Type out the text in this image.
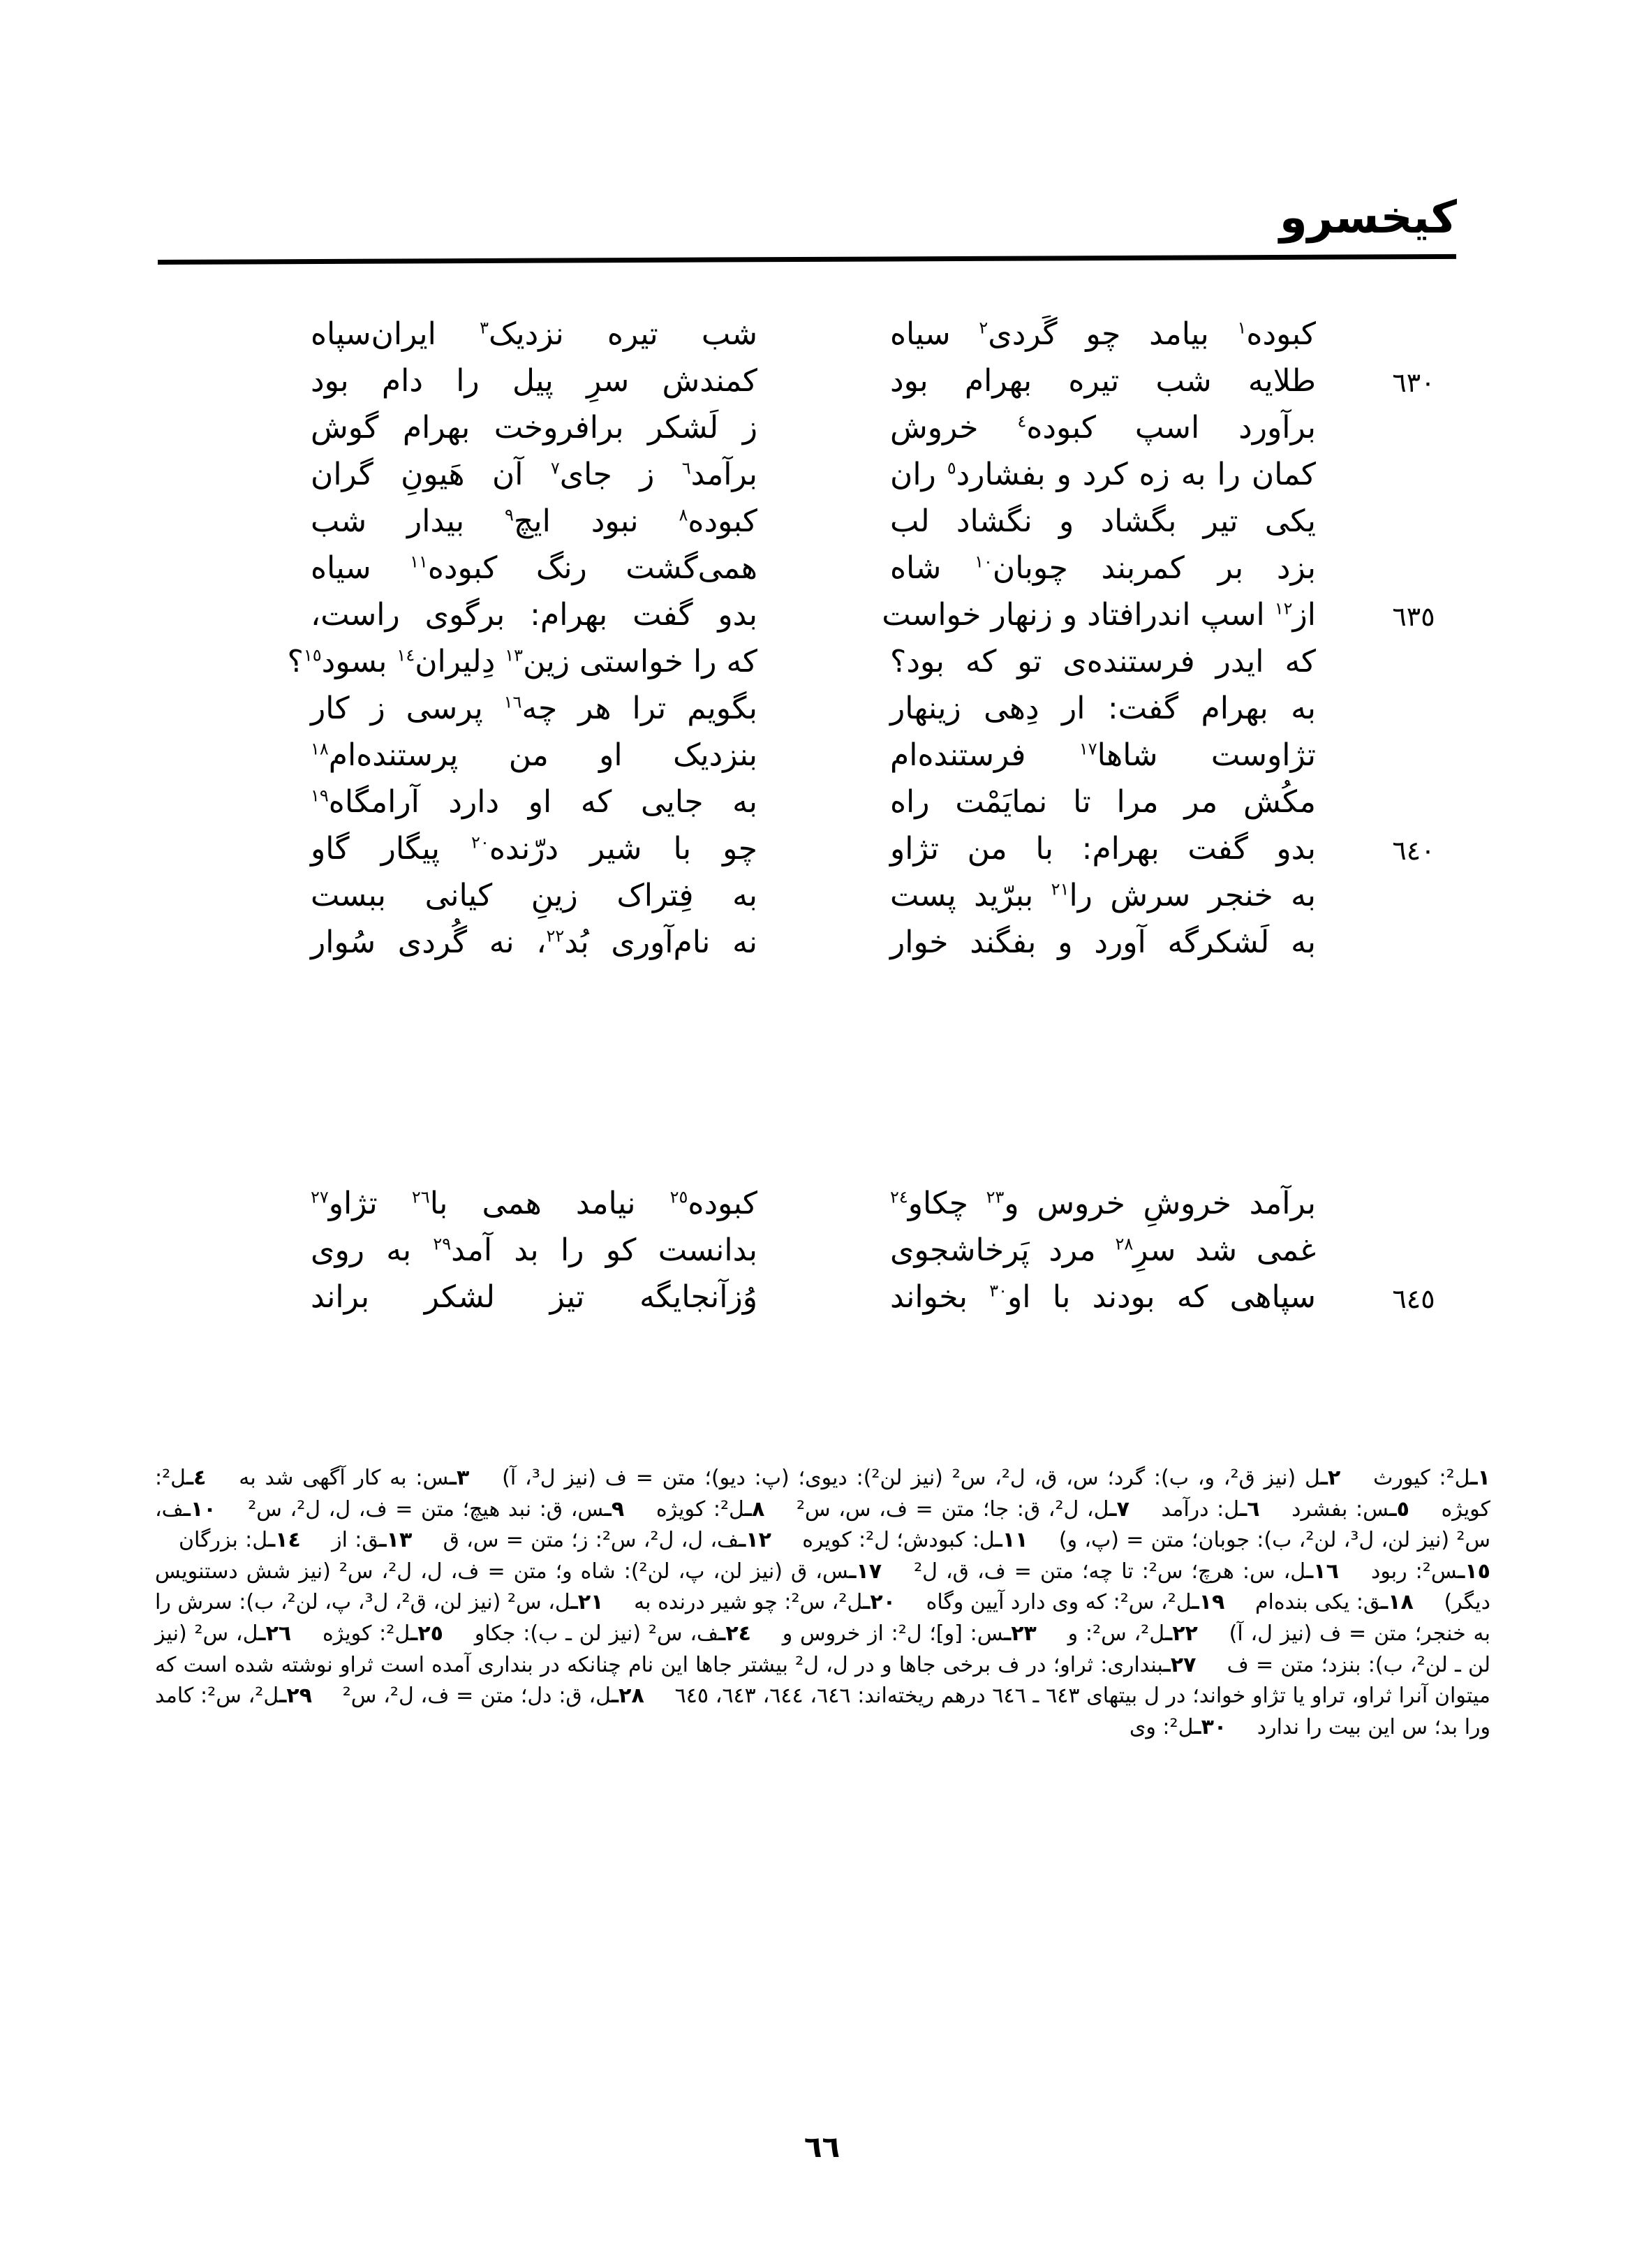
کیخسرو
کبوده$^١$ بیامد چو گَردی$^٢$ سیاه
شب تیره نزدیک$^٣$ ایران‌سپاه
٦٣٠
طلایه شب تیره بهرام بود
کمندش سرِ پیل را دام بود
برآورد اسپ کبوده$^٤$ خروش
ز لَشکر برافروخت بهرام گوش
کمان را به زه کرد و بفشارد$^٥$ ران
برآمد$^٦$ ز جای$^٧$ آن هَیونِ گران
یکی تیر بگشاد و نگشاد لب
کبوده$^٨$ نبود ایچ$^٩$ بیدار شب
بزد بر کمربند چوبان$^{١٠}$ شاه
همی‌گشت رنگ کبوده$^{١١}$ سیاه
٦٣٥
از$^{١٢}$ اسپ اندرافتاد و زنهار خواست
بدو گفت بهرام: برگوی راست،
که ایدر فرستنده‌ی تو که بود؟
که را خواستی زین$^{١٣}$ دِلیران$^{١٤}$ بسود$^{١٥}$؟
به بهرام گفت: ار دِهی زینهار
بگویم ترا هر چه$^{١٦}$ پرسی ز کار
تژاوست شاها$^{١٧}$ فرستنده‌ام
بنزدیک او من پرستنده‌ام$^{١٨}$
مکُش مر مرا تا نمایَمْت راه
به جایی که او دارد آرامگاه$^{١٩}$
٦٤٠
بدو گفت بهرام: با من تژاو
چو با شیر درّنده$^{٢٠}$ پیگار گاو
به خنجر سرش را$^{٢١}$ ببرّید پست
به فِتراک زینِ کیانی ببست
به لَشکرگه آورد و بفگند خوار
نه نام‌آوری بُد$^{٢٢}$، نه گُردی سُوار
برآمد خروشِ خروس و$^{٢٣}$ چکاو$^{٢٤}$
کبوده$^{٢٥}$ نیامد همی با$^{٢٦}$ تژاو$^{٢٧}$
غمی شد سرِ$^{٢٨}$ مرد پَرخاشجوی
بدانست کو را بد آمد$^{٢٩}$ به روی
٦٤٥
سپاهی که بودند با او$^{٣٠}$ بخواند
وُزآنجایگه تیز لشکر براند
١ـل²: کیورث ٢ـل (نیز ق²، و، ب): گرد؛ س، ق، ل²، س² (نیز لن²): دیوی؛ (پ: دیو)؛ متن = ف (نیز ل³، آ) ٣ـس: به کار آگهی شد به ٤ـل²: کویژه ٥ـس: بفشرد ٦ـل: درآمد ٧ـل، ل²، ق: جا؛ متن = ف، س، س² ٨ـل²: کویژه ٩ـس، ق: نبد هیچ؛ متن = ف، ل، ل²، س² ١٠ـف، س² (نیز لن، ل³، لن²، ب): جوبان؛ متن = (پ، و) ١١ـل: کبودش؛ ل²: کویره ١٢ـف، ل، ل²، س²: ز؛ متن = س، ق ١٣ـق: از ١٤ـل: بزرگان ١٥ـس²: ربود ١٦ـل، س: هرچ؛ س²: تا چه؛ متن = ف، ق، ل² ١٧ـس، ق (نیز لن، پ، لن²): شاه و؛ متن = ف، ل، ل²، س² (نیز شش دستنویس دیگر) ١٨ـق: یکی بنده‌ام ١٩ـل²، س²: که وی دارد آیین وگاه ٢٠ـل²، س²: چو شیر درنده به ٢١ـل، س² (نیز لن، ق²، ل³، پ، لن²، ب): سرش را به خنجر؛ متن = ف (نیز ل، آ) ٢٢ـل²، س²: و ٢٣ـس: [و]؛ ل²: از خروس و ٢٤ـف، س² (نیز لن ـ ب): جکاو ٢٥ـل²: کویژه ٢٦ـل، س² (نیز لن ـ لن²، ب): بنزد؛ متن = ف ٢٧ـبنداری: ثراو؛ در ف برخی جاها و در ل، ل² بیشتر جاها این نام چنانکه در بنداری آمده است ثراو نوشته شده است که میتوان آنرا ثراو، تراو یا تژاو خواند؛ در ل بیتهای ٦٤٣ ـ ٦٤٦ درهم ریخته‌اند: ٦٤٦، ٦٤٤، ٦٤٣، ٦٤٥ ٢٨ـل، ق: دل؛ متن = ف، ل²، س² ٢٩ـل²، س²: کامد ورا بد؛ س این بیت را ندارد ٣٠ـل²: وی
٦٦
